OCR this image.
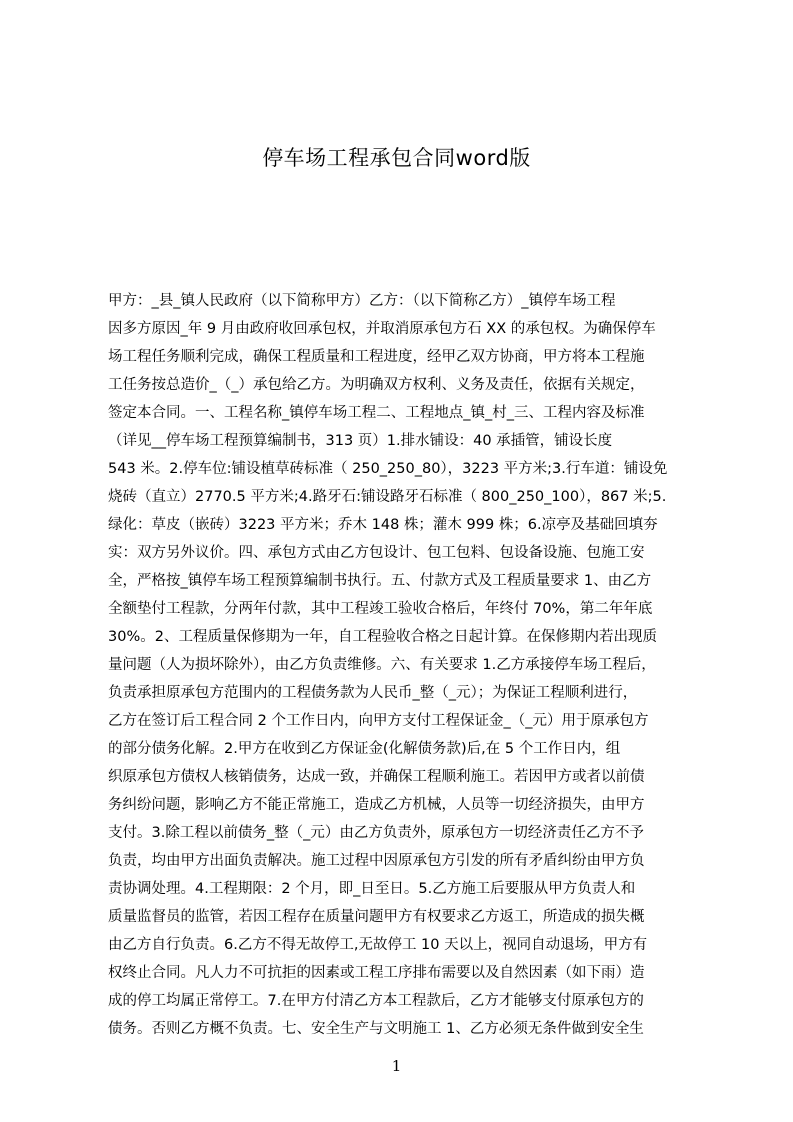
停车场工程承包合同word版
甲方：_县_镇人民政府（以下简称甲方）乙方：（以下简称乙方）_镇停车场工程
因多方原因_年 9 月由政府收回承包权，并取消原承包方石 XX 的承包权。为确保停车
场工程任务顺利完成，确保工程质量和工程进度，经甲乙双方协商，甲方将本工程施
工任务按总造价_（_）承包给乙方。为明确双方权利、义务及责任，依据有关规定，
签定本合同。一、工程名称_镇停车场工程二、工程地点_镇_村_三、工程内容及标准
（详见__停车场工程预算编制书，313 页）1.排水铺设：40 承插管，铺设长度
543 米。2.停车位:铺设植草砖标准（ 250_250_80），3223 平方米;3.行车道：铺设免
烧砖（直立）2770.5 平方米;4.路牙石:铺设路牙石标准（ 800_250_100），867 米;5.
绿化：草皮（嵌砖）3223 平方米；乔木 148 株；灌木 999 株；6.凉亭及基础回填夯
实：双方另外议价。四、承包方式由乙方包设计、包工包料、包设备设施、包施工安
全，严格按_镇停车场工程预算编制书执行。五、付款方式及工程质量要求 1、由乙方
全额垫付工程款，分两年付款，其中工程竣工验收合格后，年终付 70%，第二年年底
30%。2、工程质量保修期为一年，自工程验收合格之日起计算。在保修期内若出现质
量问题（人为损坏除外），由乙方负责维修。六、有关要求 1.乙方承接停车场工程后，
负责承担原承包方范围内的工程债务款为人民币_整（_元）；为保证工程顺利进行，
乙方在签订后工程合同 2 个工作日内，向甲方支付工程保证金_（_元）用于原承包方
的部分债务化解。2.甲方在收到乙方保证金(化解债务款)后,在 5 个工作日内，组
织原承包方债权人核销债务，达成一致，并确保工程顺利施工。若因甲方或者以前债
务纠纷问题，影响乙方不能正常施工，造成乙方机械，人员等一切经济损失，由甲方
支付。3.除工程以前债务_整（_元）由乙方负责外，原承包方一切经济责任乙方不予
负责，均由甲方出面负责解决。施工过程中因原承包方引发的所有矛盾纠纷由甲方负
责协调处理。4.工程期限：2 个月，即_日至日。5.乙方施工后要服从甲方负责人和
质量监督员的监管，若因工程存在质量问题甲方有权要求乙方返工，所造成的损失概
由乙方自行负责。6.乙方不得无故停工,无故停工 10 天以上，视同自动退场，甲方有
权终止合同。凡人力不可抗拒的因素或工程工序排布需要以及自然因素（如下雨）造
成的停工均属正常停工。7.在甲方付清乙方本工程款后，乙方才能够支付原承包方的
债务。否则乙方概不负责。七、安全生产与文明施工 1、乙方必须无条件做到安全生
1
